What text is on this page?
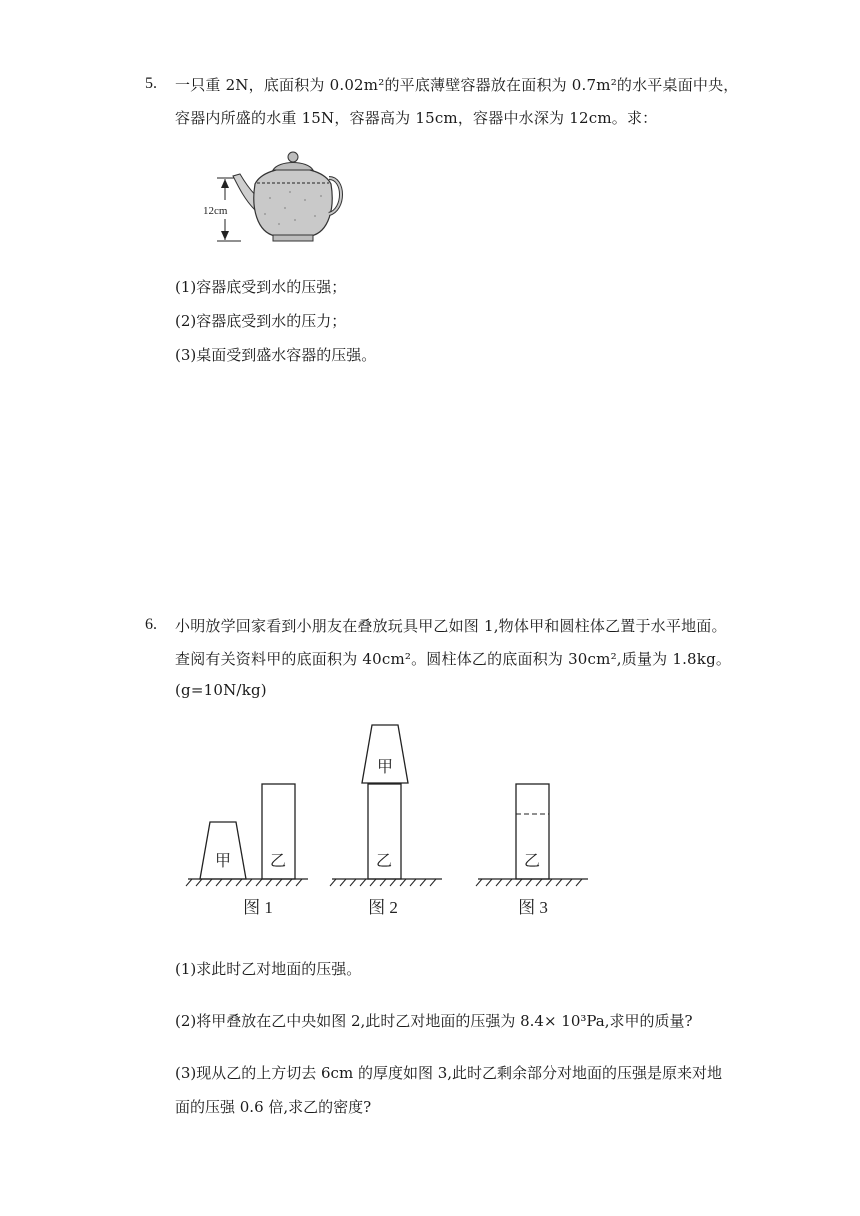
5. 一只重 2N，底面积为 0.02m²的平底薄壁容器放在面积为 0.7m²的水平桌面中央，
容器内所盛的水重 15N，容器高为 15cm，容器中水深为 12cm。求：
12cm
(1)容器底受到水的压强；
(2)容器底受到水的压力；
(3)桌面受到盛水容器的压强。
6. 小明放学回家看到小朋友在叠放玩具甲乙如图 1,物体甲和圆柱体乙置于水平地面。
查阅有关资料甲的底面积为 40cm²。圆柱体乙的底面积为 30cm²,质量为 1.8kg。
(g=10N/kg)
甲 乙
甲
乙	乙
图 1	图 2	图 3
(1)求此时乙对地面的压强。
(2)将甲叠放在乙中央如图 2,此时乙对地面的压强为 8.4× 10³Pa,求甲的质量?
(3)现从乙的上方切去 6cm 的厚度如图 3,此时乙剩余部分对地面的压强是原来对地
面的压强 0.6 倍,求乙的密度?
